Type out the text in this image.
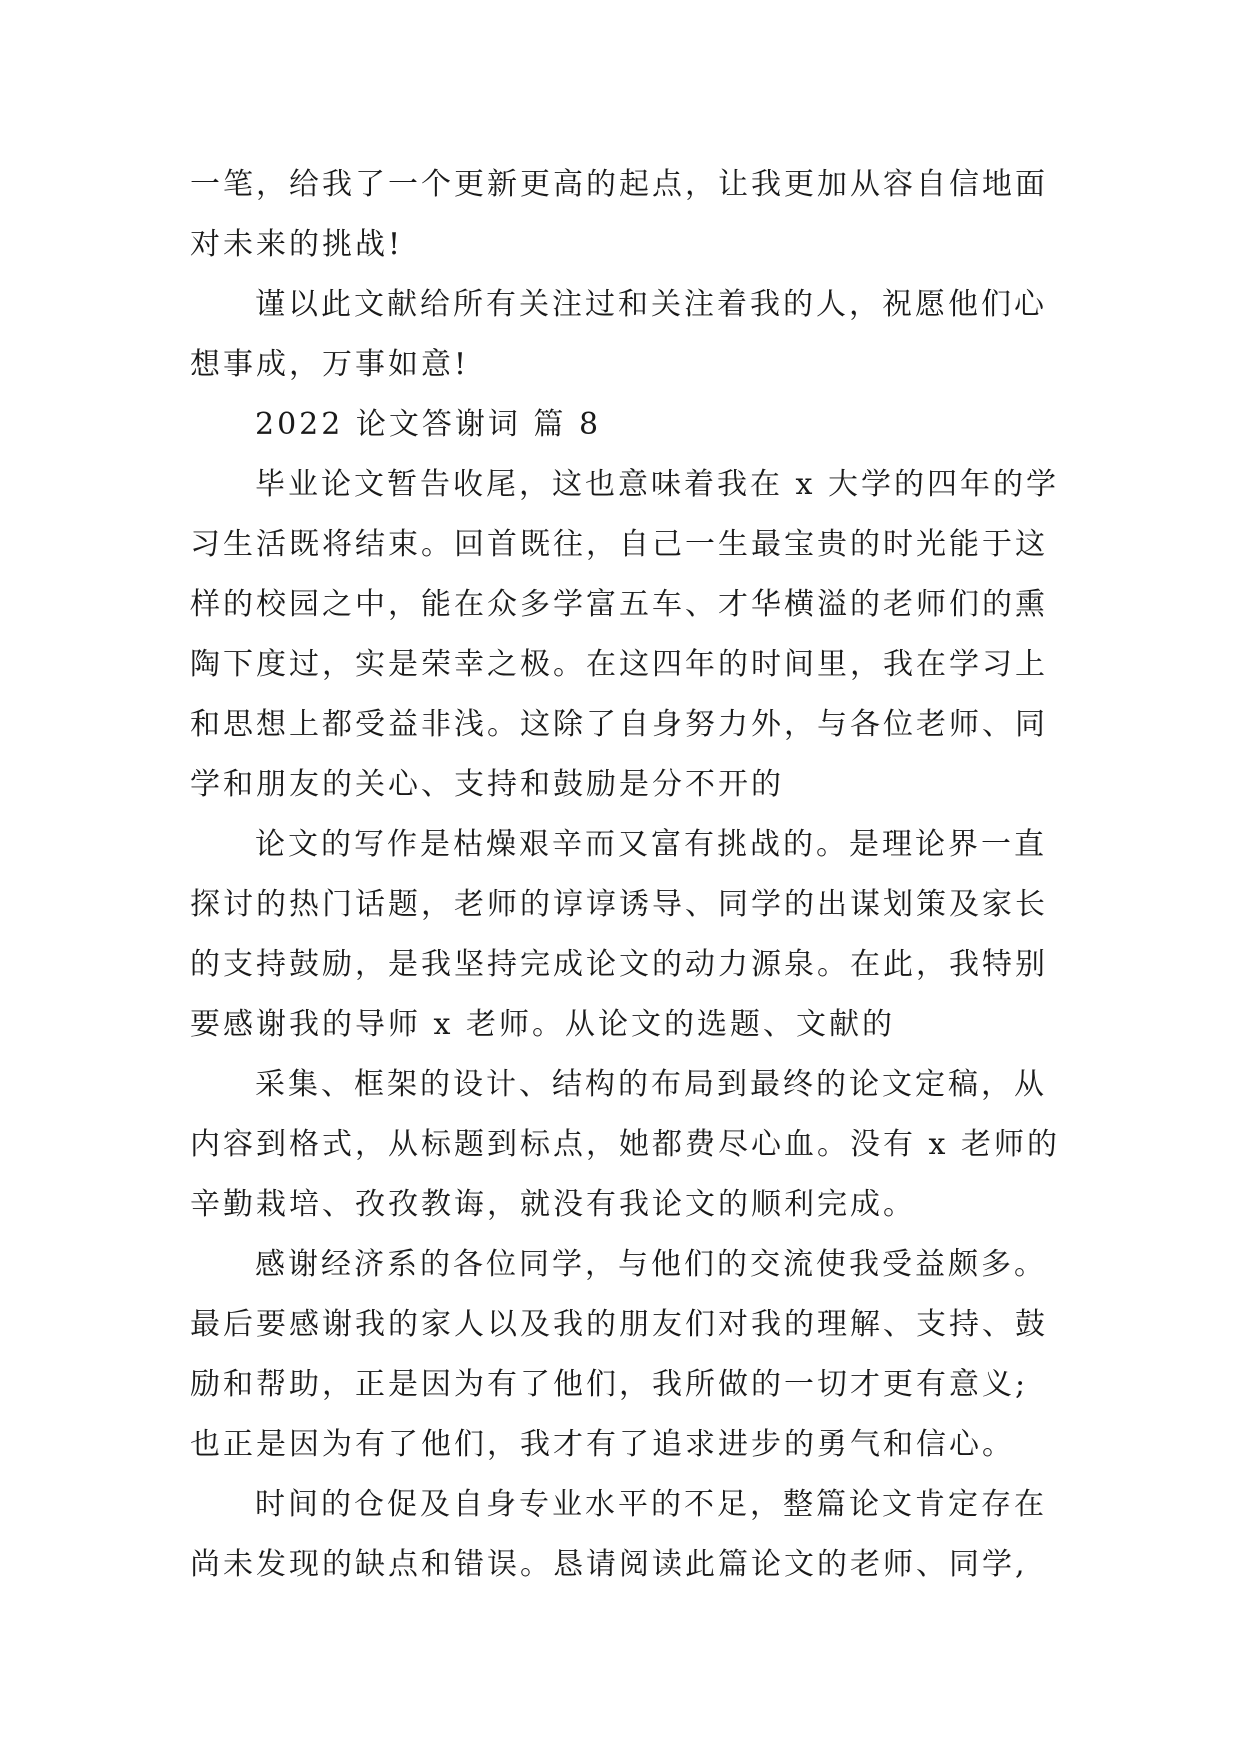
一笔，给我了一个更新更高的起点，让我更加从容自信地面
对未来的挑战!
谨以此文献给所有关注过和关注着我的人，祝愿他们心
想事成，万事如意!
2022 论文答谢词 篇 8
毕业论文暂告收尾，这也意味着我在 x 大学的四年的学
习生活既将结束。回首既往，自己一生最宝贵的时光能于这
样的校园之中，能在众多学富五车、才华横溢的老师们的熏
陶下度过，实是荣幸之极。在这四年的时间里，我在学习上
和思想上都受益非浅。这除了自身努力外，与各位老师、同
学和朋友的关心、支持和鼓励是分不开的
论文的写作是枯燥艰辛而又富有挑战的。是理论界一直
探讨的热门话题，老师的谆谆诱导、同学的出谋划策及家长
的支持鼓励，是我坚持完成论文的动力源泉。在此，我特别
要感谢我的导师 x 老师。从论文的选题、文献的
采集、框架的设计、结构的布局到最终的论文定稿，从
内容到格式，从标题到标点，她都费尽心血。没有 x 老师的
辛勤栽培、孜孜教诲，就没有我论文的顺利完成。
感谢经济系的各位同学，与他们的交流使我受益颇多。
最后要感谢我的家人以及我的朋友们对我的理解、支持、鼓
励和帮助，正是因为有了他们，我所做的一切才更有意义;
也正是因为有了他们，我才有了追求进步的勇气和信心。
时间的仓促及自身专业水平的不足，整篇论文肯定存在
尚未发现的缺点和错误。恳请阅读此篇论文的老师、同学,
